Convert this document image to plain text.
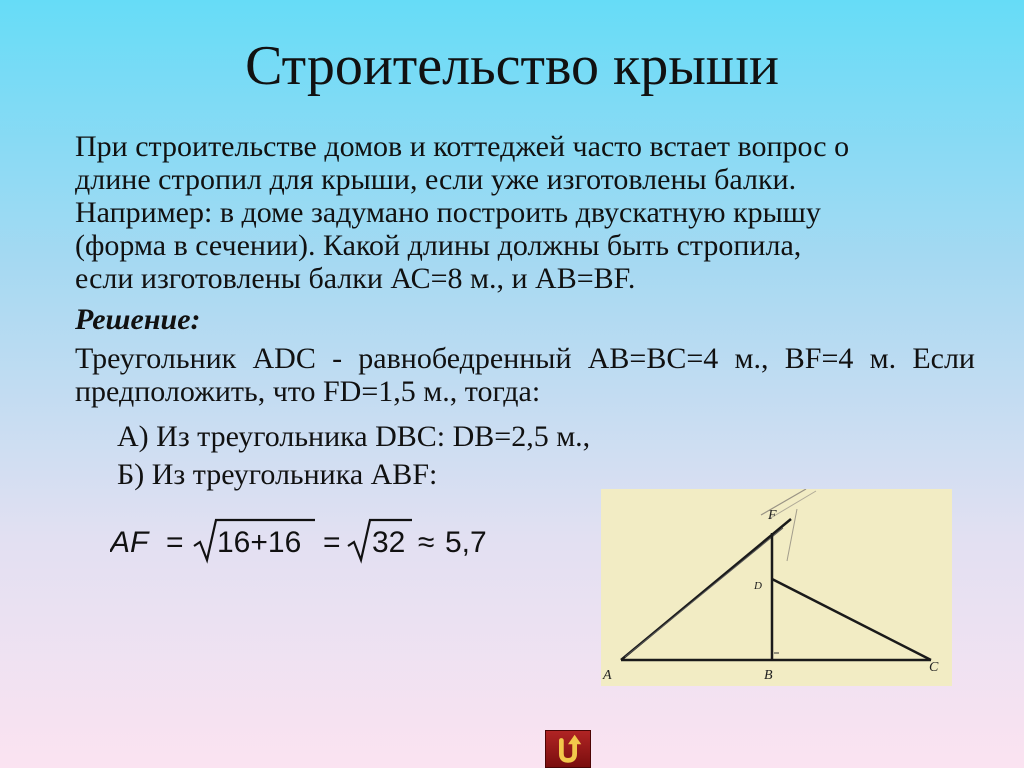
Строительство крыши
При строительстве домов и коттеджей часто встает вопрос о
длине стропил для крыши, если уже изготовлены балки.
Например: в доме задумано построить двускатную крышу
(форма в сечении). Какой длины должны быть стропила,
если изготовлены балки АС=8 м., и АВ=BF.
Решение:
Треугольник ADC - равнобедренный AB=BC=4 м., BF=4 м. Если предположить, что FD=1,5 м., тогда:
А) Из треугольника DBC: DB=2,5 м.,
Б) Из треугольника ABF:
AF = 16+16 = 32 ≈ 5,7
F
D
A	B
C
